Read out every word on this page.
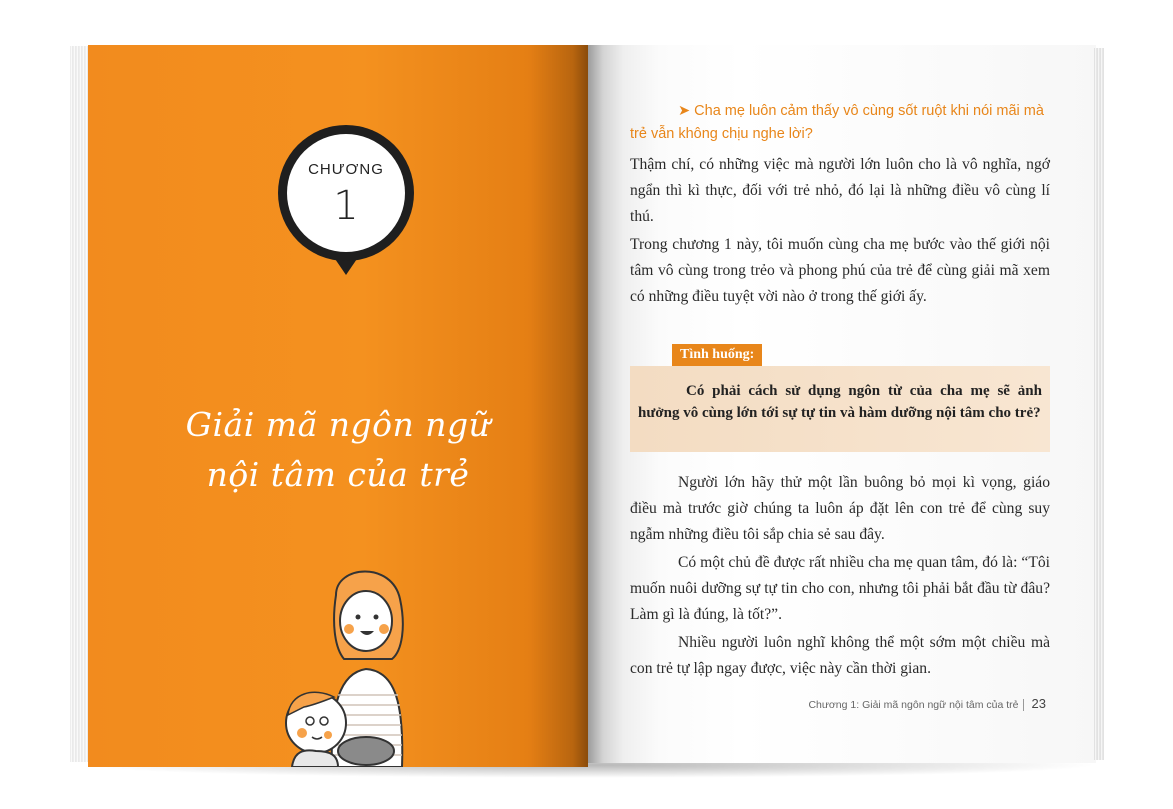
CHƯƠNG
1
Giải mã ngôn ngữ
nội tâm của trẻ
➤ Cha mẹ luôn cảm thấy vô cùng sốt ruột khi nói mãi mà trẻ vẫn không chịu nghe lời?

Thậm chí, có những việc mà người lớn luôn cho là vô nghĩa, ngớ ngẩn thì kì thực, đối với trẻ nhỏ, đó lại là những điều vô cùng lí thú.

Trong chương 1 này, tôi muốn cùng cha mẹ bước vào thế giới nội tâm vô cùng trong trẻo và phong phú của trẻ để cùng giải mã xem có những điều tuyệt vời nào ở trong thế giới ấy.

Tình huống:

Có phải cách sử dụng ngôn từ của cha mẹ sẽ ảnh hưởng vô cùng lớn tới sự tự tin và hàm dưỡng nội tâm cho trẻ?

Người lớn hãy thử một lần buông bỏ mọi kì vọng, giáo điều mà trước giờ chúng ta luôn áp đặt lên con trẻ để cùng suy ngẫm những điều tôi sắp chia sẻ sau đây.

Có một chủ đề được rất nhiều cha mẹ quan tâm, đó là: “Tôi muốn nuôi dưỡng sự tự tin cho con, nhưng tôi phải bắt đầu từ đâu? Làm gì là đúng, là tốt?”.

Nhiều người luôn nghĩ không thể một sớm một chiều mà con trẻ tự lập ngay được, việc này cần thời gian.

Chương 1: Giải mã ngôn ngữ nội tâm của trẻ 23
